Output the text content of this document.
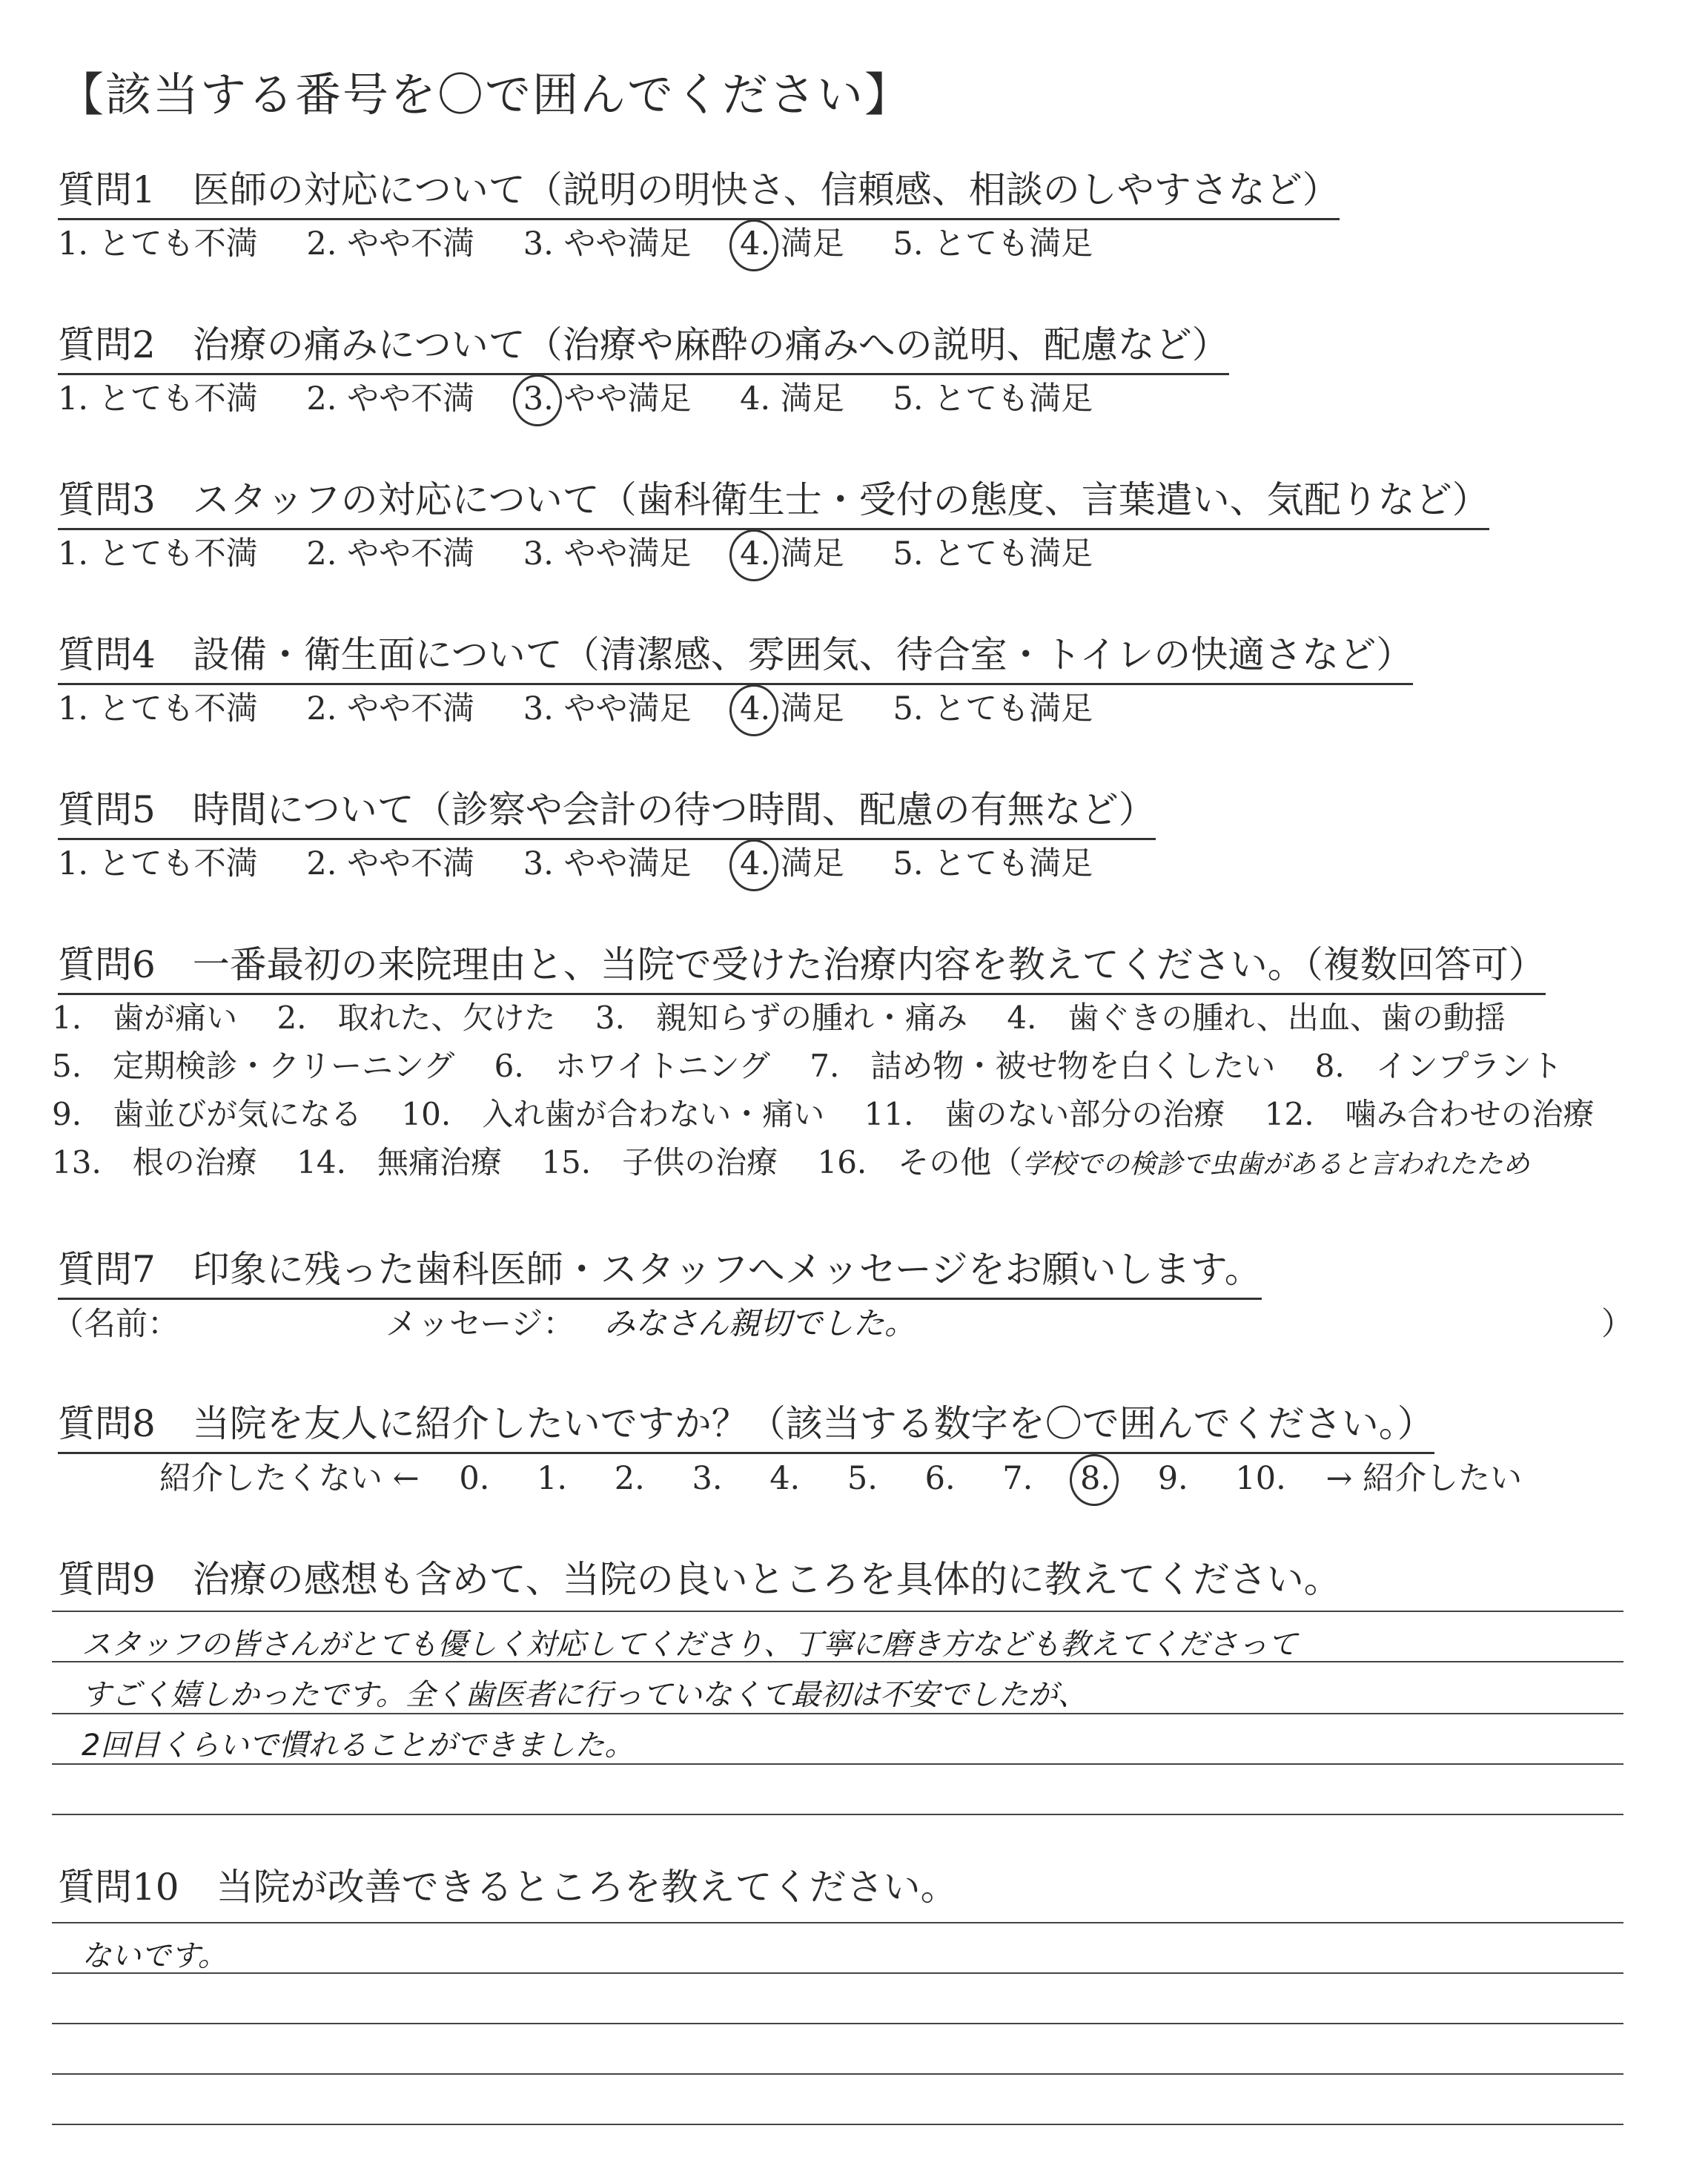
【該当する番号を〇で囲んでください】
質問1　医師の対応について（説明の明快さ、信頼感、相談のしやすさなど）
1. とても不満 2. やや不満 3. やや満足 4. 満足 5. とても満足
質問2　治療の痛みについて（治療や麻酔の痛みへの説明、配慮など）
1. とても不満 2. やや不満 3. やや満足 4. 満足 5. とても満足
質問3　スタッフの対応について（歯科衛生士・受付の態度、言葉遣い、気配りなど）
1. とても不満 2. やや不満 3. やや満足 4. 満足 5. とても満足
質問4　設備・衛生面について（清潔感、雰囲気、待合室・トイレの快適さなど）
1. とても不満 2. やや不満 3. やや満足 4. 満足 5. とても満足
質問5　時間について（診察や会計の待つ時間、配慮の有無など）
1. とても不満 2. やや不満 3. やや満足 4. 満足 5. とても満足
質問6　一番最初の来院理由と、当院で受けた治療内容を教えてください。（複数回答可）
1.　歯が痛い 2.　取れた、欠けた 3.　親知らずの腫れ・痛み 4.　歯ぐきの腫れ、出血、歯の動揺
5.　定期検診・クリーニング 6.　ホワイトニング 7.　詰め物・被せ物を白くしたい 8.　インプラント
9.　歯並びが気になる 10.　入れ歯が合わない・痛い 11.　歯のない部分の治療 12.　噛み合わせの治療
13.　根の治療 14.　無痛治療 15.　子供の治療 16.　その他（学校での検診で虫歯があると言われたため
質問7　印象に残った歯科医師・スタッフへメッセージをお願いします。
（名前：	メッセージ： みなさん親切でした。	）
質問8　当院を友人に紹介したいですか？（該当する数字を〇で囲んでください。）
紹介したくない ← 0. 1. 2. 3. 4. 5. 6. 7. 8. 9. 10. → 紹介したい
質問9　治療の感想も含めて、当院の良いところを具体的に教えてください。
スタッフの皆さんがとても優しく対応してくださり、丁寧に磨き方なども教えてくださって
すごく嬉しかったです。全く歯医者に行っていなくて最初は不安でしたが、
2回目くらいで慣れることができました。
質問10　当院が改善できるところを教えてください。
ないです。
